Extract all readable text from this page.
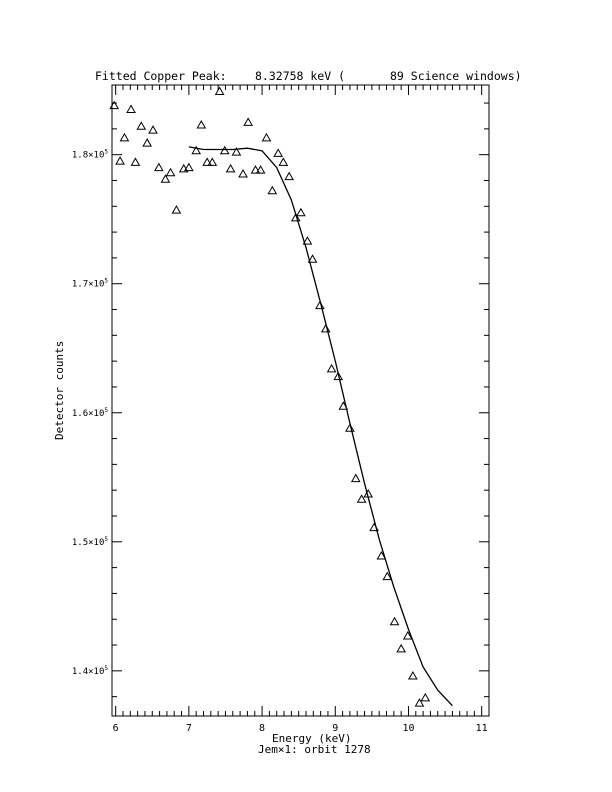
Fitted Copper Peak: 8.32758 keV (	89 Science windows)
6	7	8	9	10	11
$1.4\times 10^5$
$1.5\times 10^5$
$1.6\times 10^5$
$1.7\times 10^5$
$1.8\times 10^5$
Energy (keV)
Jem×1: orbit 1278
Detector counts
